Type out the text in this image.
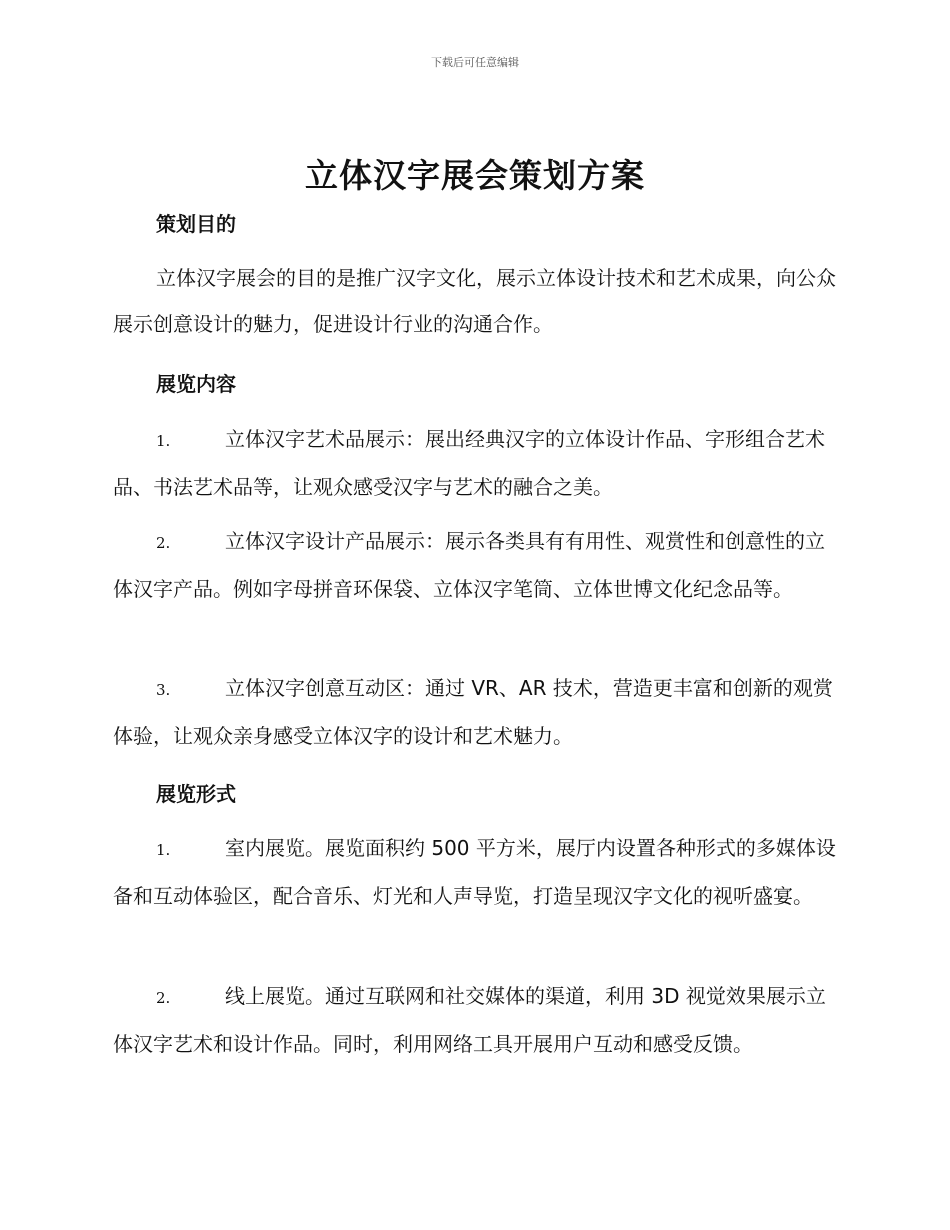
下载后可任意编辑
立体汉字展会策划方案
策划目的

立体汉字展会的目的是推广汉字文化，展示立体设计技术和艺术成果，向公众展示创意设计的魅力，促进设计行业的沟通合作。

展览内容

1.	立体汉字艺术品展示：展出经典汉字的立体设计作品、字形组合艺术品、书法艺术品等，让观众感受汉字与艺术的融合之美。

2.	立体汉字设计产品展示：展示各类具有有用性、观赏性和创意性的立体汉字产品。例如字母拼音环保袋、立体汉字笔筒、立体世博文化纪念品等。

3.	立体汉字创意互动区：通过 VR、AR 技术，营造更丰富和创新的观赏体验，让观众亲身感受立体汉字的设计和艺术魅力。

展览形式

1.	室内展览。展览面积约 500 平方米，展厅内设置各种形式的多媒体设备和互动体验区，配合音乐、灯光和人声导览，打造呈现汉字文化的视听盛宴。

2.	线上展览。通过互联网和社交媒体的渠道，利用 3D 视觉效果展示立体汉字艺术和设计作品。同时，利用网络工具开展用户互动和感受反馈。
